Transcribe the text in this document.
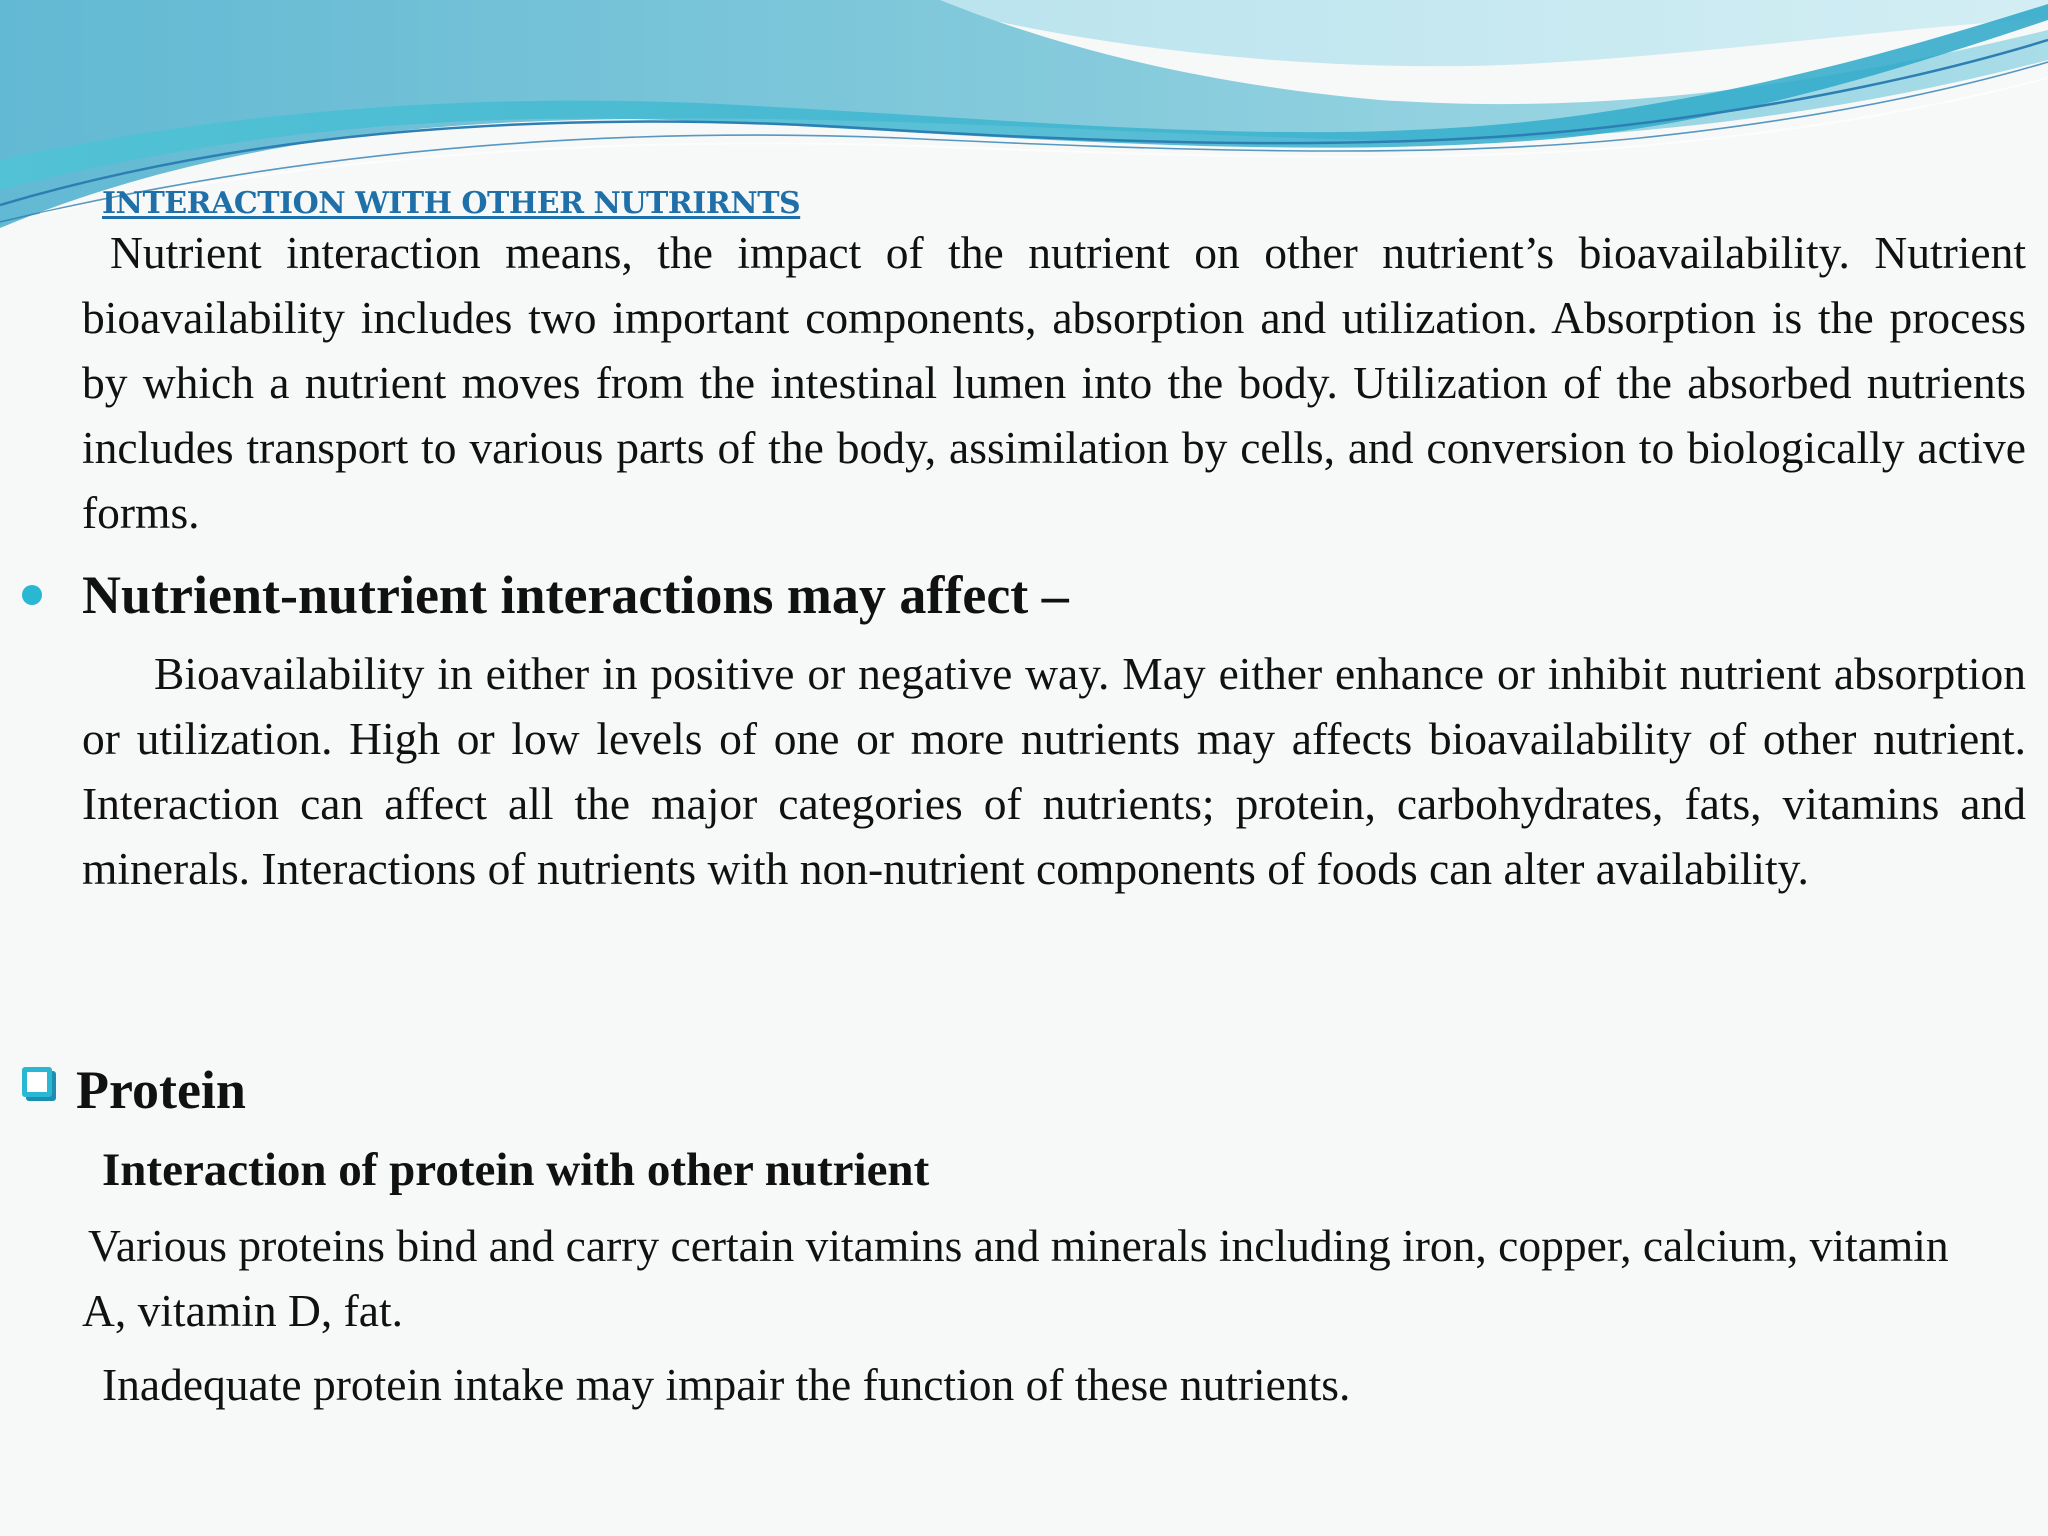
INTERACTION WITH OTHER NUTRIRNTS

Nutrient interaction means, the impact of the nutrient on other nutrient’s bioavailability. Nutrient bioavailability includes two important components, absorption and utilization. Absorption is the process by which a nutrient moves from the intestinal lumen into the body. Utilization of the absorbed nutrients includes transport to various parts of the body, assimilation by cells, and conversion to biologically active forms.

Nutrient-nutrient interactions may affect –

Bioavailability in either in positive or negative way. May either enhance or inhibit nutrient absorption or utilization. High or low levels of one or more nutrients may affects bioavailability of other nutrient. Interaction can affect all the major categories of nutrients; protein, carbohydrates, fats, vitamins and minerals. Interactions of nutrients with non-nutrient components of foods can alter availability.

Protein
Interaction of protein with other nutrient

Various proteins bind and carry certain vitamins and minerals including iron, copper, calcium, vitamin A, vitamin D, fat.

Inadequate protein intake may impair the function of these nutrients.
